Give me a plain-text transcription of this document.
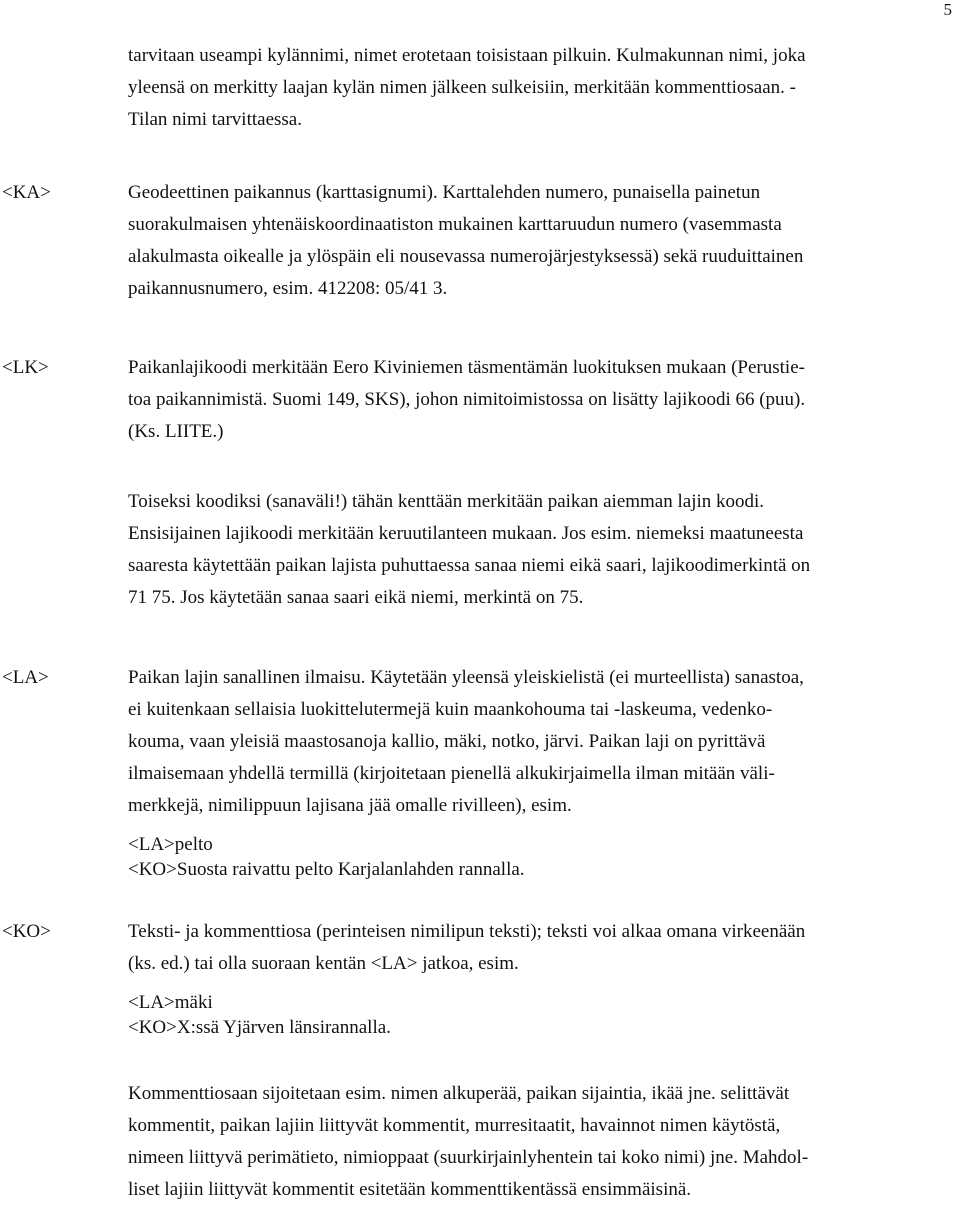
5
tarvitaan useampi kylännimi, nimet erotetaan toisistaan pilkuin. Kulmakunnan nimi, joka
yleensä on merkitty laajan kylän nimen jälkeen sulkeisiin, merkitään kommenttiosaan. -
Tilan nimi tarvittaessa.
<KA>	Geodeettinen paikannus (karttasignumi). Karttalehden numero, punaisella painetun
suorakulmaisen yhtenäiskoordinaatiston mukainen karttaruudun numero (vasemmasta
alakulmasta oikealle ja ylöspäin eli nousevassa numerojärjestyksessä) sekä ruuduittainen
paikannusnumero, esim. 412208: 05/41 3.
<LK>	Paikanlajikoodi merkitään Eero Kiviniemen täsmentämän luokituksen mukaan (Perustie-
toa paikannimistä. Suomi 149, SKS), johon nimitoimistossa on lisätty lajikoodi 66 (puu).
(Ks. LIITE.)
Toiseksi koodiksi (sanaväli!) tähän kenttään merkitään paikan aiemman lajin koodi.
Ensisijainen lajikoodi merkitään keruutilanteen mukaan. Jos esim. niemeksi maatuneesta
saaresta käytettään paikan lajista puhuttaessa sanaa niemi eikä saari, lajikoodimerkintä on
71 75. Jos käytetään sanaa saari eikä niemi, merkintä on 75.
<LA>	Paikan lajin sanallinen ilmaisu. Käytetään yleensä yleiskielistä (ei murteellista) sanastoa,
ei kuitenkaan sellaisia luokittelutermejä kuin maankohouma tai -laskeuma, vedenko-
kouma, vaan yleisiä maastosanoja kallio, mäki, notko, järvi. Paikan laji on pyrittävä
ilmaisemaan yhdellä termillä (kirjoitetaan pienellä alkukirjaimella ilman mitään väli-
merkkejä, nimilippuun lajisana jää omalle rivilleen), esim.
<LA>pelto
<KO>Suosta raivattu pelto Karjalanlahden rannalla.
<KO>	Teksti- ja kommenttiosa (perinteisen nimilipun teksti); teksti voi alkaa omana virkeenään
(ks. ed.) tai olla suoraan kentän <LA> jatkoa, esim.
<LA>mäki
<KO>X:ssä Yjärven länsirannalla.
Kommenttiosaan sijoitetaan esim. nimen alkuperää, paikan sijaintia, ikää jne. selittävät
kommentit, paikan lajiin liittyvät kommentit, murresitaatit, havainnot nimen käytöstä,
nimeen liittyvä perimätieto, nimioppaat (suurkirjainlyhentein tai koko nimi) jne. Mahdol-
liset lajiin liittyvät kommentit esitetään kommenttikentässä ensimmäisinä.
